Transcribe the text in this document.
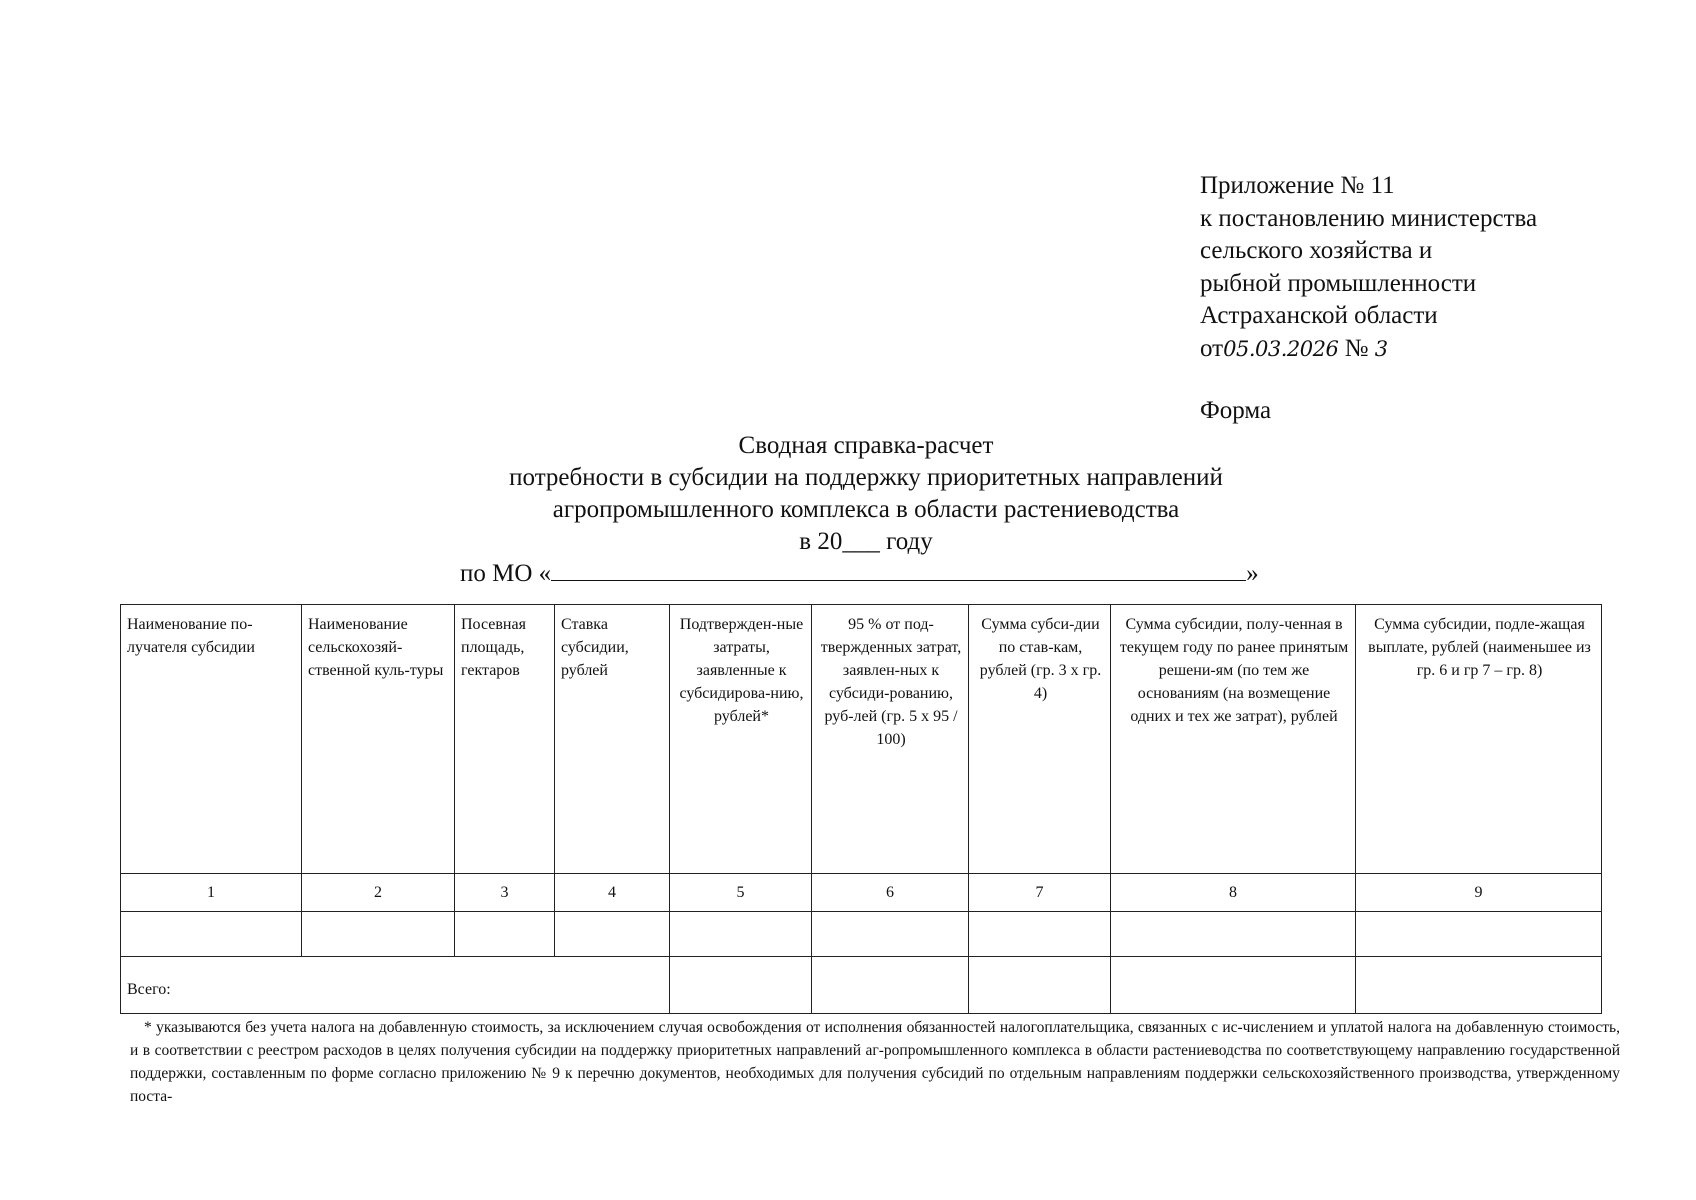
Приложение № 11
к постановлению министерства
сельского хозяйства и
рыбной промышленности
Астраханской области
от05.03.2026 № 3
Форма
Сводная справка-расчет
потребности в субсидии на поддержку приоритетных направлений
агропромышленного комплекса в области растениеводства
в 20___ году
по МО «	»
Наименование по-лучателя субсидии	Наименование сельскохозяй-ственной куль-туры	Посевная площадь, гектаров	Ставка субсидии, рублей	Подтвержден-ные затраты, заявленные к субсидирова-нию, рублей*	95 % от под-твержденных затрат, заявлен-ных к субсиди-рованию, руб-лей (гр. 5 х 95 / 100)	Сумма субси-дии по став-кам, рублей (гр. 3 х гр. 4)	Сумма субсидии, полу-ченная в текущем году по ранее принятым решени-ям (по тем же основаниям (на возмещение одних и тех же затрат), рублей	Сумма субсидии, подле-жащая выплате, рублей (наименьшее из гр. 6 и гр 7 – гр. 8)
1	2	3	4	5	6	7	8	9

Всего:								
* указываются без учета налога на добавленную стоимость, за исключением случая освобождения от исполнения обязанностей налогоплательщика, связанных с ис-числением и уплатой налога на добавленную стоимость, и в соответствии с реестром расходов в целях получения субсидии на поддержку приоритетных направлений аг-ропромышленного комплекса в области растениеводства по соответствующему направлению государственной поддержки, составленным по форме согласно приложению № 9 к перечню документов, необходимых для получения субсидий по отдельным направлениям поддержки сельскохозяйственного производства, утвержденному поста-
